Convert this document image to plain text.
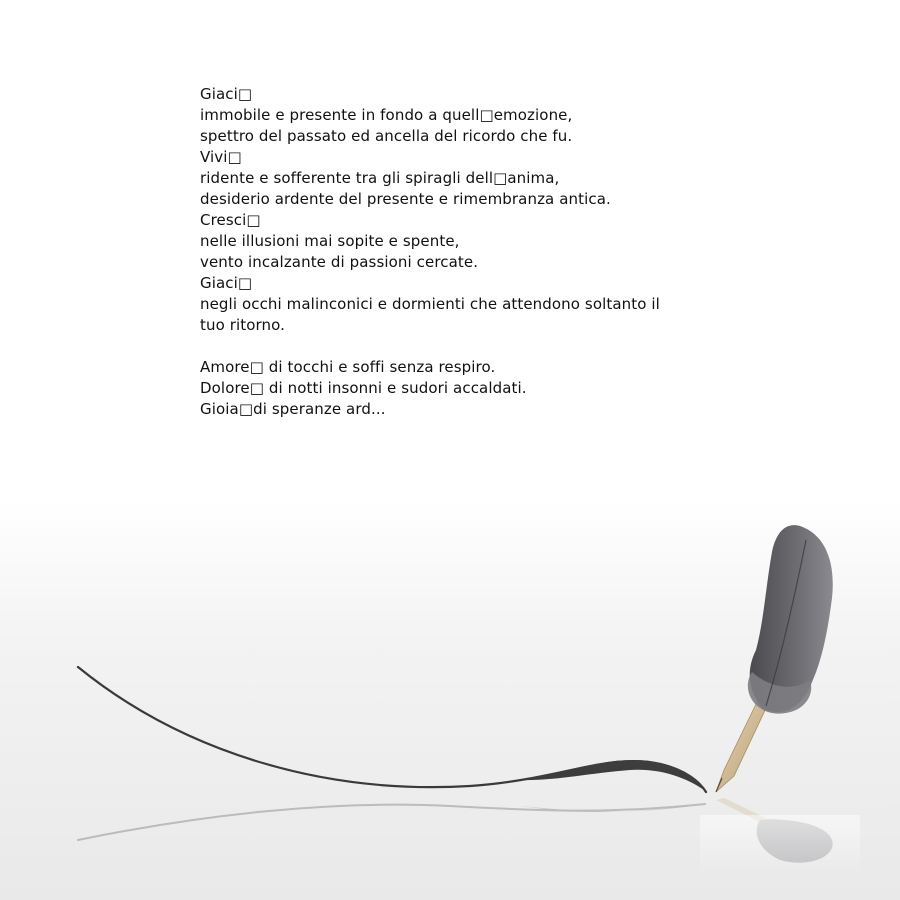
Giaci□
immobile e presente in fondo a quell□emozione,
spettro del passato ed ancella del ricordo che fu.
Vivi□
ridente e sofferente tra gli spiragli dell□anima,
desiderio ardente del presente e rimembranza antica.
Cresci□
nelle illusioni mai sopite e spente,
vento incalzante di passioni cercate.
Giaci□
negli occhi malinconici e dormienti che attendono soltanto il
tuo ritorno.
Amore□ di tocchi e soffi senza respiro.
Dolore□ di notti insonni e sudori accaldati.
Gioia□di speranze ard...
